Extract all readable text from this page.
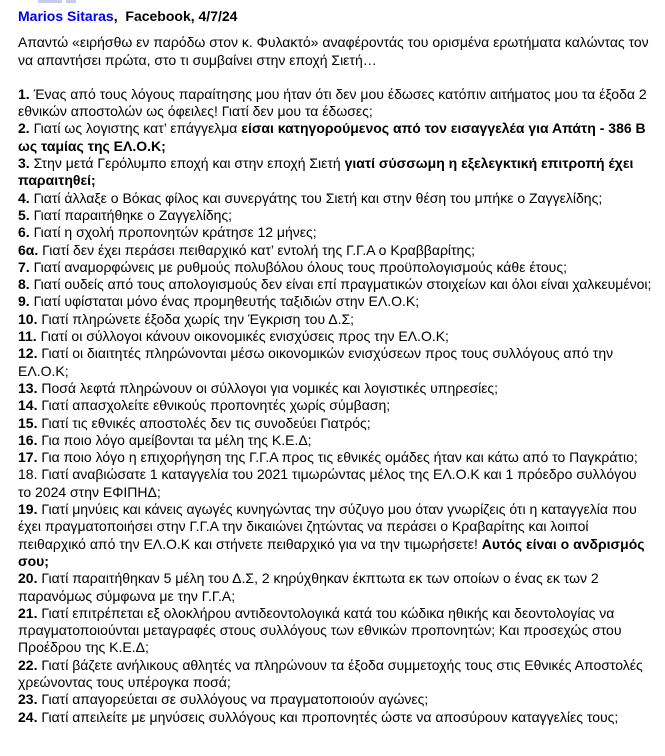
Marios Sitaras,  Facebook, 4/7/24
Απαντώ «ειρήσθω εν παρόδω στον κ. Φυλακτό» αναφέροντάς του ορισμένα ερωτήματα καλώντας τον να απαντήσει πρώτα, στο τι συμβαίνει στην εποχή Σιετή…
1. Ένας από τους λόγους παραίτησης μου ήταν ότι δεν μου έδωσες κατόπιν αιτήματος μου τα έξοδα 2 εθνικών αποστολών ως όφειλες! Γιατί δεν μου τα έδωσες;
2. Γιατί ως λογιστης κατ’ επάγγελμα είσαι κατηγορούμενος από τον εισαγγελέα για Απάτη - 386 Β ως ταμίας της ΕΛ.Ο.Κ;
3. Στην μετά Γερόλυμπο εποχή και στην εποχή Σιετή γιατί σύσσωμη η εξελεγκτική επιτροπή έχει παραιτηθεί;
4. Γιατί άλλαξε ο Βόκας φίλος και συνεργάτης του Σιετή και στην θέση του μπήκε ο Ζαγγελίδης;
5. Γιατί παραιτήθηκε ο Ζαγγελίδης;
6. Γιατί η σχολή προπονητών κράτησε 12 μήνες;
6α. Γιατί δεν έχει περάσει πειθαρχικό κατ’ εντολή της Γ.Γ.Α ο Κραββαρίτης;
7. Γιατί αναμορφώνεις με ρυθμούς πολυβόλου όλους τους προϋπολογισμούς κάθε έτους;
8. Γιατί ουδείς από τους απολογισμούς δεν είναι επί πραγματικών στοιχείων και όλοι είναι χαλκευμένοι;
9. Γιατί υφίσταται μόνο ένας προμηθευτής ταξιδιών στην ΕΛ.Ο.Κ;
10. Γιατί πληρώνετε έξοδα χωρίς την Έγκριση του Δ.Σ;
11. Γιατί οι σύλλογοι κάνουν οικονομικές ενισχύσεις προς την ΕΛ.Ο.Κ;
12. Γιατί οι διαιτητές πληρώνονται μέσω οικονομικών ενισχύσεων προς τους συλλόγους από την ΕΛ.Ο.Κ;
13. Ποσά λεφτά πληρώνουν οι σύλλογοι για νομικές και λογιστικές υπηρεσίες;
14. Γιατί απασχολείτε εθνικούς προπονητές χωρίς σύμβαση;
15. Γιατί τις εθνικές αποστολές δεν τις συνοδεύει Γιατρός;
16. Για ποιο λόγο αμείβονται τα μέλη της Κ.Ε.Δ;
17. Για ποιο λόγο η επιχορήγηση της Γ.Γ.Α προς τις εθνικές ομάδες ήταν και κάτω από το Παγκράτιο;
18. Γιατί αναβιώσατε 1 καταγγελία του 2021 τιμωρώντας μέλος της ΕΛ.Ο.Κ και 1 πρόεδρο συλλόγου το 2024 στην ΕΦΙΠΗΔ;
19. Γιατί μηνύεις και κάνεις αγωγές κυνηγώντας την σύζυγο μου όταν γνωρίζεις ότι η καταγγελία που έχει πραγματοποιήσει στην Γ.Γ.Α την δικαιώνει ζητώντας να περάσει ο Κραβαρίτης και λοιποί πειθαρχικό από την ΕΛ.Ο.Κ και στήνετε πειθαρχικό για να την τιμωρήσετε! Αυτός είναι ο ανδρισμός σου;
20. Γιατί παραιτήθηκαν 5 μέλη του Δ.Σ, 2 κηρύχθηκαν έκπτωτα εκ των οποίων ο ένας εκ των 2 παρανόμως σύμφωνα με την Γ.Γ.Α;
21. Γιατί επιτρέπεται εξ ολοκλήρου αντιδεοντολογικά κατά του κώδικα ηθικής και δεοντολογίας να πραγματοποιούνται μεταγραφές στους συλλόγους των εθνικών προπονητών; Και προσεχώς στου Προέδρου της Κ.Ε.Δ;
22. Γιατί βάζετε ανήλικους αθλητές να πληρώνουν τα έξοδα συμμετοχής τους στις Εθνικές Αποστολές χρεώνοντας τους υπέρογκα ποσά;
23. Γιατί απαγορεύεται σε συλλόγους να πραγματοποιούν αγώνες;
24. Γιατί απειλείτε με μηνύσεις συλλόγους και προπονητές ώστε να αποσύρουν καταγγελίες τους;
